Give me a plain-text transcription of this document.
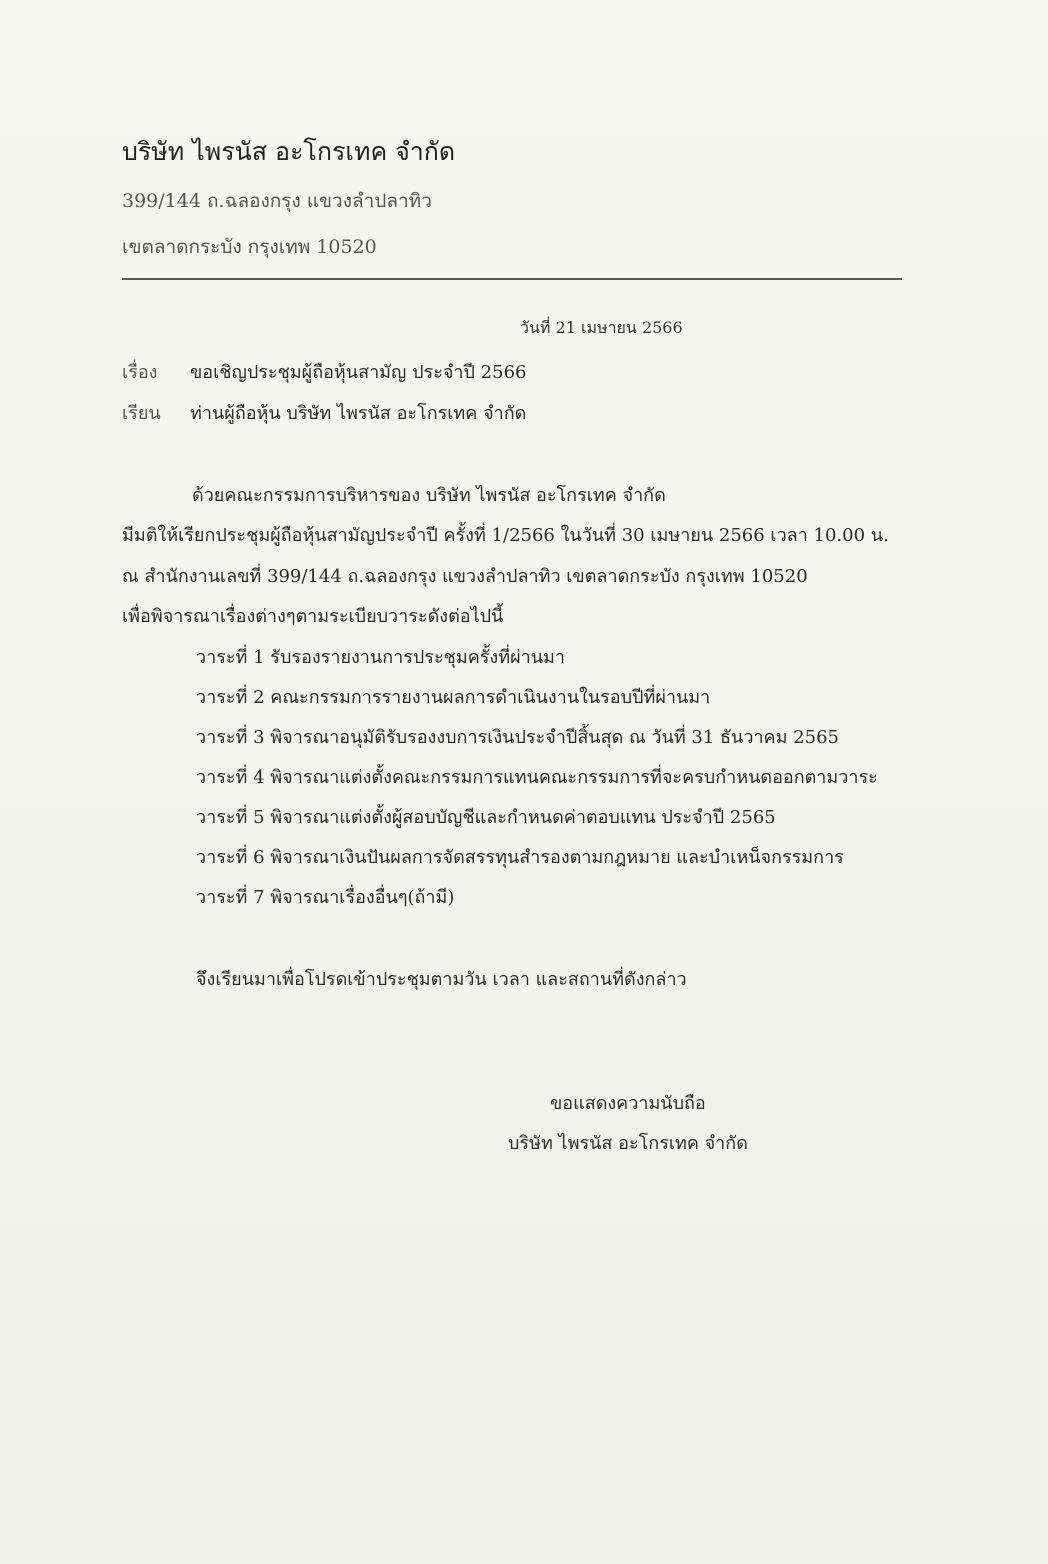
บริษัท ไพรนัส อะโกรเทค จำกัด
399/144 ถ.ฉลองกรุง แขวงลำปลาทิว
เขตลาดกระบัง กรุงเทพ 10520
วันที่ 21 เมษายน 2566
เรื่อง ขอเชิญประชุมผู้ถือหุ้นสามัญ ประจำปี 2566
เรียน ท่านผู้ถือหุ้น บริษัท ไพรนัส อะโกรเทค จำกัด
ด้วยคณะกรรมการบริหารของ บริษัท ไพรนัส อะโกรเทค จำกัด
มีมติให้เรียกประชุมผู้ถือหุ้นสามัญประจำปี ครั้งที่ 1/2566 ในวันที่ 30 เมษายน 2566 เวลา 10.00 น.
ณ สำนักงานเลขที่ 399/144 ถ.ฉลองกรุง แขวงลำปลาทิว เขตลาดกระบัง กรุงเทพ 10520
เพื่อพิจารณาเรื่องต่างๆตามระเบียบวาระดังต่อไปนี้
วาระที่ 1 รับรองรายงานการประชุมครั้งที่ผ่านมา
วาระที่ 2 คณะกรรมการรายงานผลการดำเนินงานในรอบปีที่ผ่านมา
วาระที่ 3 พิจารณาอนุมัติรับรองงบการเงินประจำปีสิ้นสุด ณ วันที่ 31 ธันวาคม 2565
วาระที่ 4 พิจารณาแต่งตั้งคณะกรรมการแทนคณะกรรมการที่จะครบกำหนดออกตามวาระ
วาระที่ 5 พิจารณาแต่งตั้งผู้สอบบัญชีและกำหนดค่าตอบแทน ประจำปี 2565
วาระที่ 6 พิจารณาเงินปันผลการจัดสรรทุนสำรองตามกฎหมาย และบำเหน็จกรรมการ
วาระที่ 7 พิจารณาเรื่องอื่นๆ(ถ้ามี)
จึงเรียนมาเพื่อโปรดเข้าประชุมตามวัน เวลา และสถานที่ดังกล่าว
ขอแสดงความนับถือ
บริษัท ไพรนัส อะโกรเทค จำกัด
